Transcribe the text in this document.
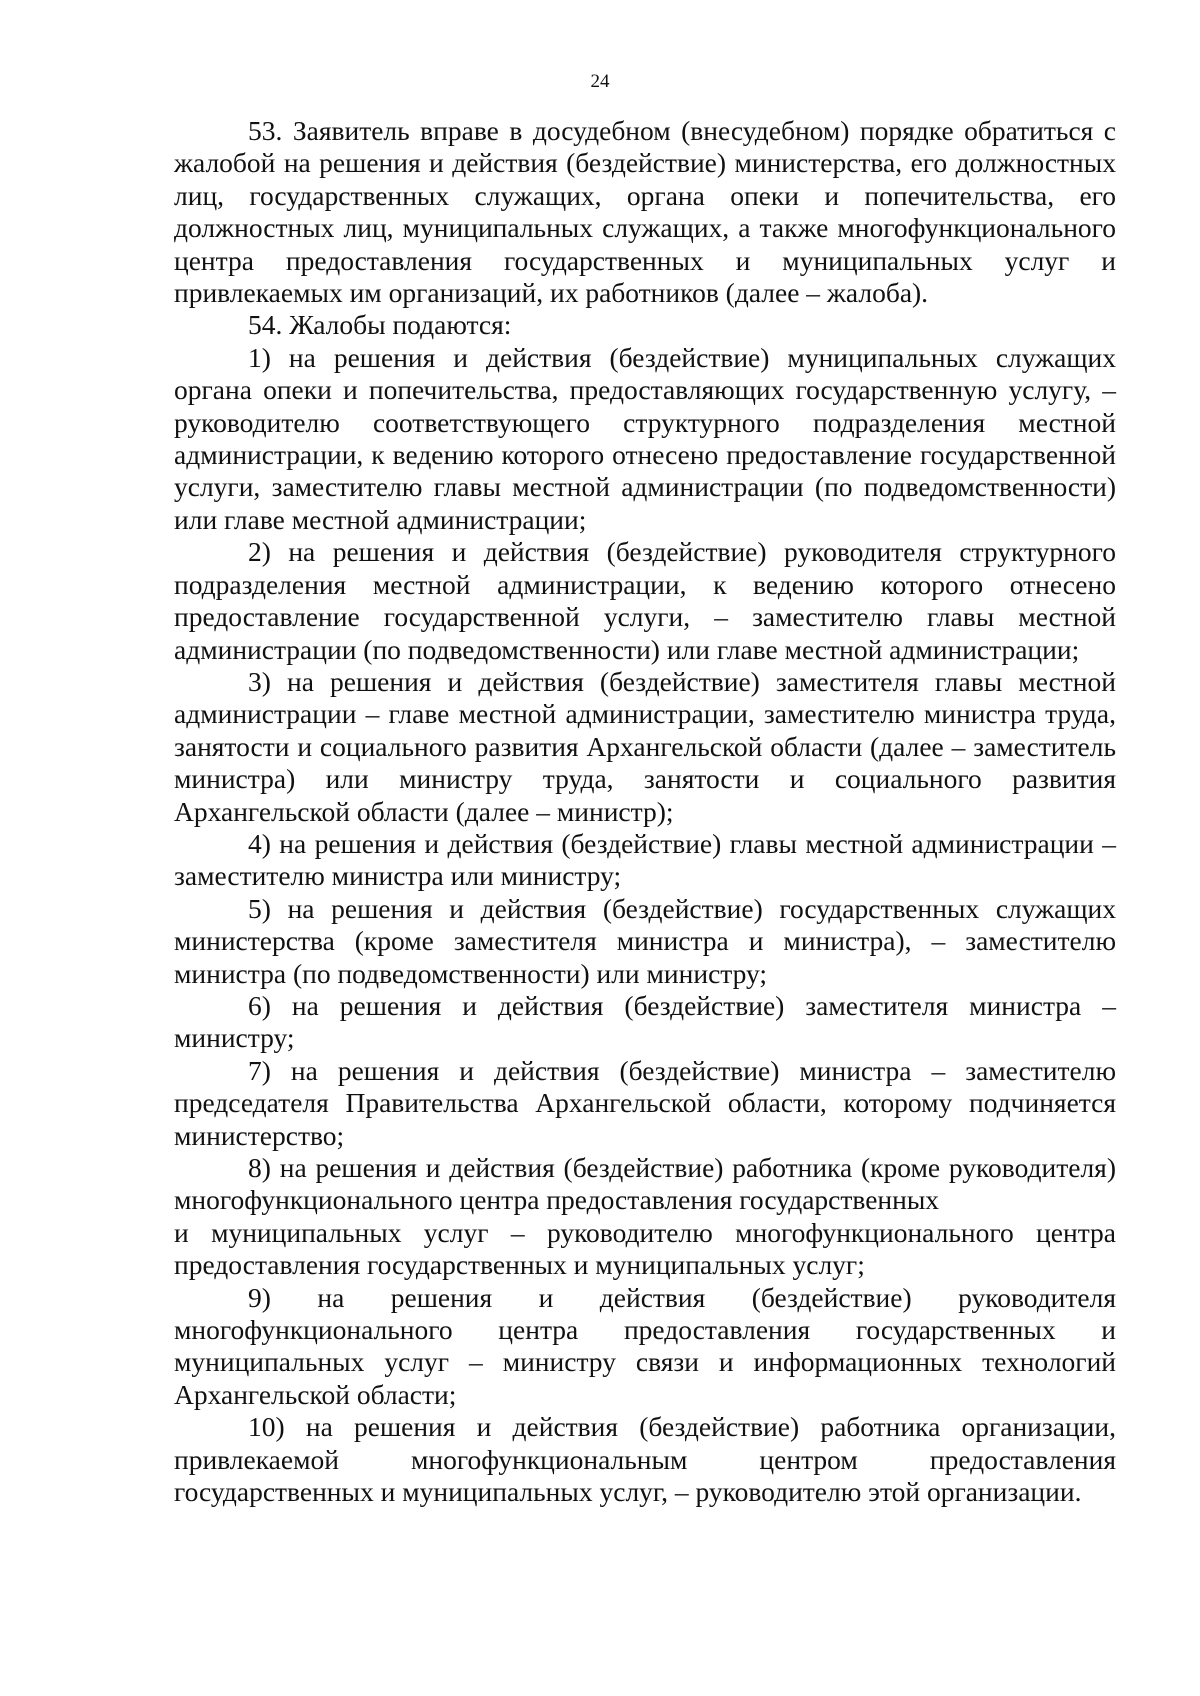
24

53. Заявитель вправе в досудебном (внесудебном) порядке обратиться с жалобой на решения и действия (бездействие) министерства, его должностных лиц, государственных служащих, органа опеки и попечительства, его должностных лиц, муниципальных служащих, а также многофункционального центра предоставления государственных и муниципальных услуг и привлекаемых им организаций, их работников (далее – жалоба).

54. Жалобы подаются:

1) на решения и действия (бездействие) муниципальных служащих органа опеки и попечительства, предоставляющих государственную услугу, – руководителю соответствующего структурного подразделения местной администрации, к ведению которого отнесено предоставление государственной услуги, заместителю главы местной администрации (по подведомственности) или главе местной администрации;

2) на решения и действия (бездействие) руководителя структурного подразделения местной администрации, к ведению которого отнесено предоставление государственной услуги, – заместителю главы местной администрации (по подведомственности) или главе местной администрации;

3) на решения и действия (бездействие) заместителя главы местной администрации – главе местной администрации, заместителю министра труда, занятости и социального развития Архангельской области (далее – заместитель министра) или министру труда, занятости и социального развития Архангельской области (далее – министр);

4) на решения и действия (бездействие) главы местной администрации – заместителю министра или министру;

5) на решения и действия (бездействие) государственных служащих министерства (кроме заместителя министра и министра), – заместителю министра (по подведомственности) или министру;

6) на решения и действия (бездействие) заместителя министра – министру;

7) на решения и действия (бездействие) министра – заместителю председателя Правительства Архангельской области, которому подчиняется министерство;

8) на решения и действия (бездействие) работника (кроме руководителя) многофункционального центра предоставления государственных

и муниципальных услуг – руководителю многофункционального центра предоставления государственных и муниципальных услуг;

9) на решения и действия (бездействие) руководителя многофункционального центра предоставления государственных и муниципальных услуг – министру связи и информационных технологий Архангельской области;

10) на решения и действия (бездействие) работника организации, привлекаемой многофункциональным центром предоставления государственных и муниципальных услуг, – руководителю этой организации.
